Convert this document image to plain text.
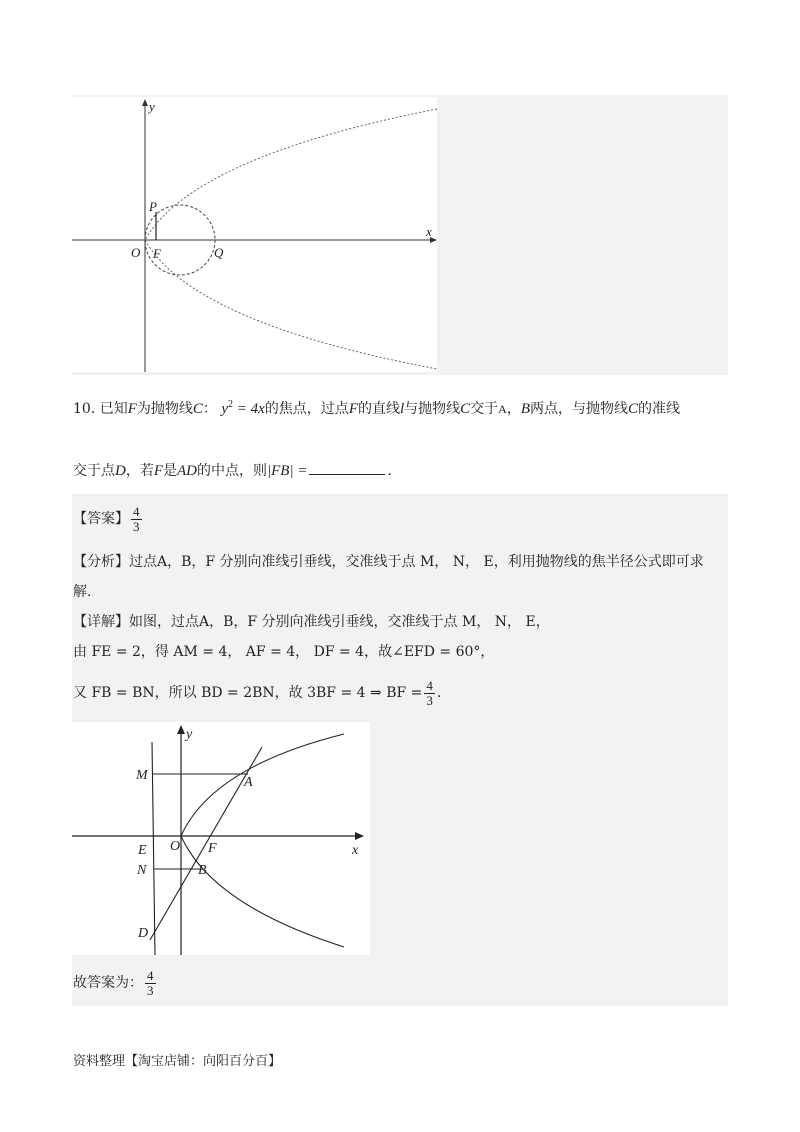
y
x
P
O F	Q
10. 已知F为抛物线C： $y^2 = 4x$的焦点，过点F的直线l与抛物线C交于A，B两点，与抛物线C的准线
交于点D，若F是AD的中点，则|FB| =	.
【答案】 $\frac{4}{3}$
【分析】过点A，B，F 分别向准线引垂线，交准线于点 M， N， E，利用抛物线的焦半径公式即可求
解.
【详解】如图，过点A，B，F 分别向准线引垂线，交准线于点 M， N， E，
由 FE = 2，得 AM = 4， AF = 4， DF = 4，故∠EFD = 60°，
又 FB = BN，所以 BD = 2BN，故 3BF = 4 ⇒ BF = $\frac{4}{3}$ .
y
x
M	A
E O F
N	B
D
故答案为： $\frac{4}{3}$
资料整理【淘宝店铺：向阳百分百】
